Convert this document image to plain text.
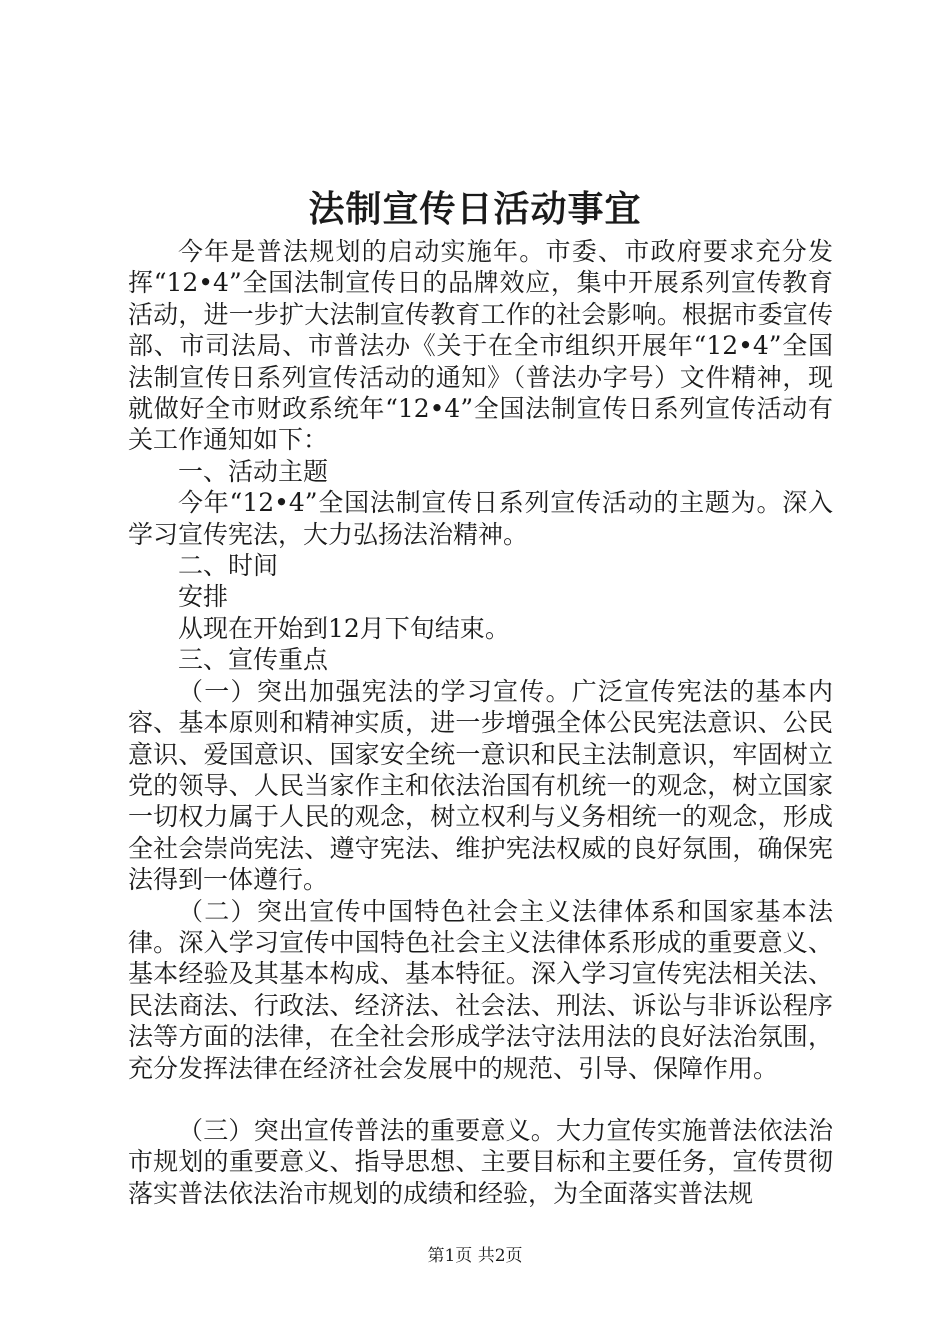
法制宣传日活动事宜

今年是普法规划的启动实施年。市委、市政府要求充分发挥“12•4”全国法制宣传日的品牌效应，集中开展系列宣传教育活动，进一步扩大法制宣传教育工作的社会影响。根据市委宣传部、市司法局、市普法办《关于在全市组织开展年“12•4”全国法制宣传日系列宣传活动的通知》（普法办字号）文件精神，现就做好全市财政系统年“12•4”全国法制宣传日系列宣传活动有关工作通知如下：

一、活动主题

今年“12•4”全国法制宣传日系列宣传活动的主题为。深入学习宣传宪法，大力弘扬法治精神。

二、时间

安排

从现在开始到12月下旬结束。

三、宣传重点

（一）突出加强宪法的学习宣传。广泛宣传宪法的基本内容、基本原则和精神实质，进一步增强全体公民宪法意识、公民意识、爱国意识、国家安全统一意识和民主法制意识，牢固树立党的领导、人民当家作主和依法治国有机统一的观念，树立国家一切权力属于人民的观念，树立权利与义务相统一的观念，形成全社会崇尚宪法、遵守宪法、维护宪法权威的良好氛围，确保宪法得到一体遵行。

（二）突出宣传中国特色社会主义法律体系和国家基本法律。深入学习宣传中国特色社会主义法律体系形成的重要意义、基本经验及其基本构成、基本特征。深入学习宣传宪法相关法、民法商法、行政法、经济法、社会法、刑法、诉讼与非诉讼程序法等方面的法律，在全社会形成学法守法用法的良好法治氛围，充分发挥法律在经济社会发展中的规范、引导、保障作用。

（三）突出宣传普法的重要意义。大力宣传实施普法依法治市规划的重要意义、指导思想、主要目标和主要任务，宣传贯彻落实普法依法治市规划的成绩和经验，为全面落实普法规

第1页 共2页
